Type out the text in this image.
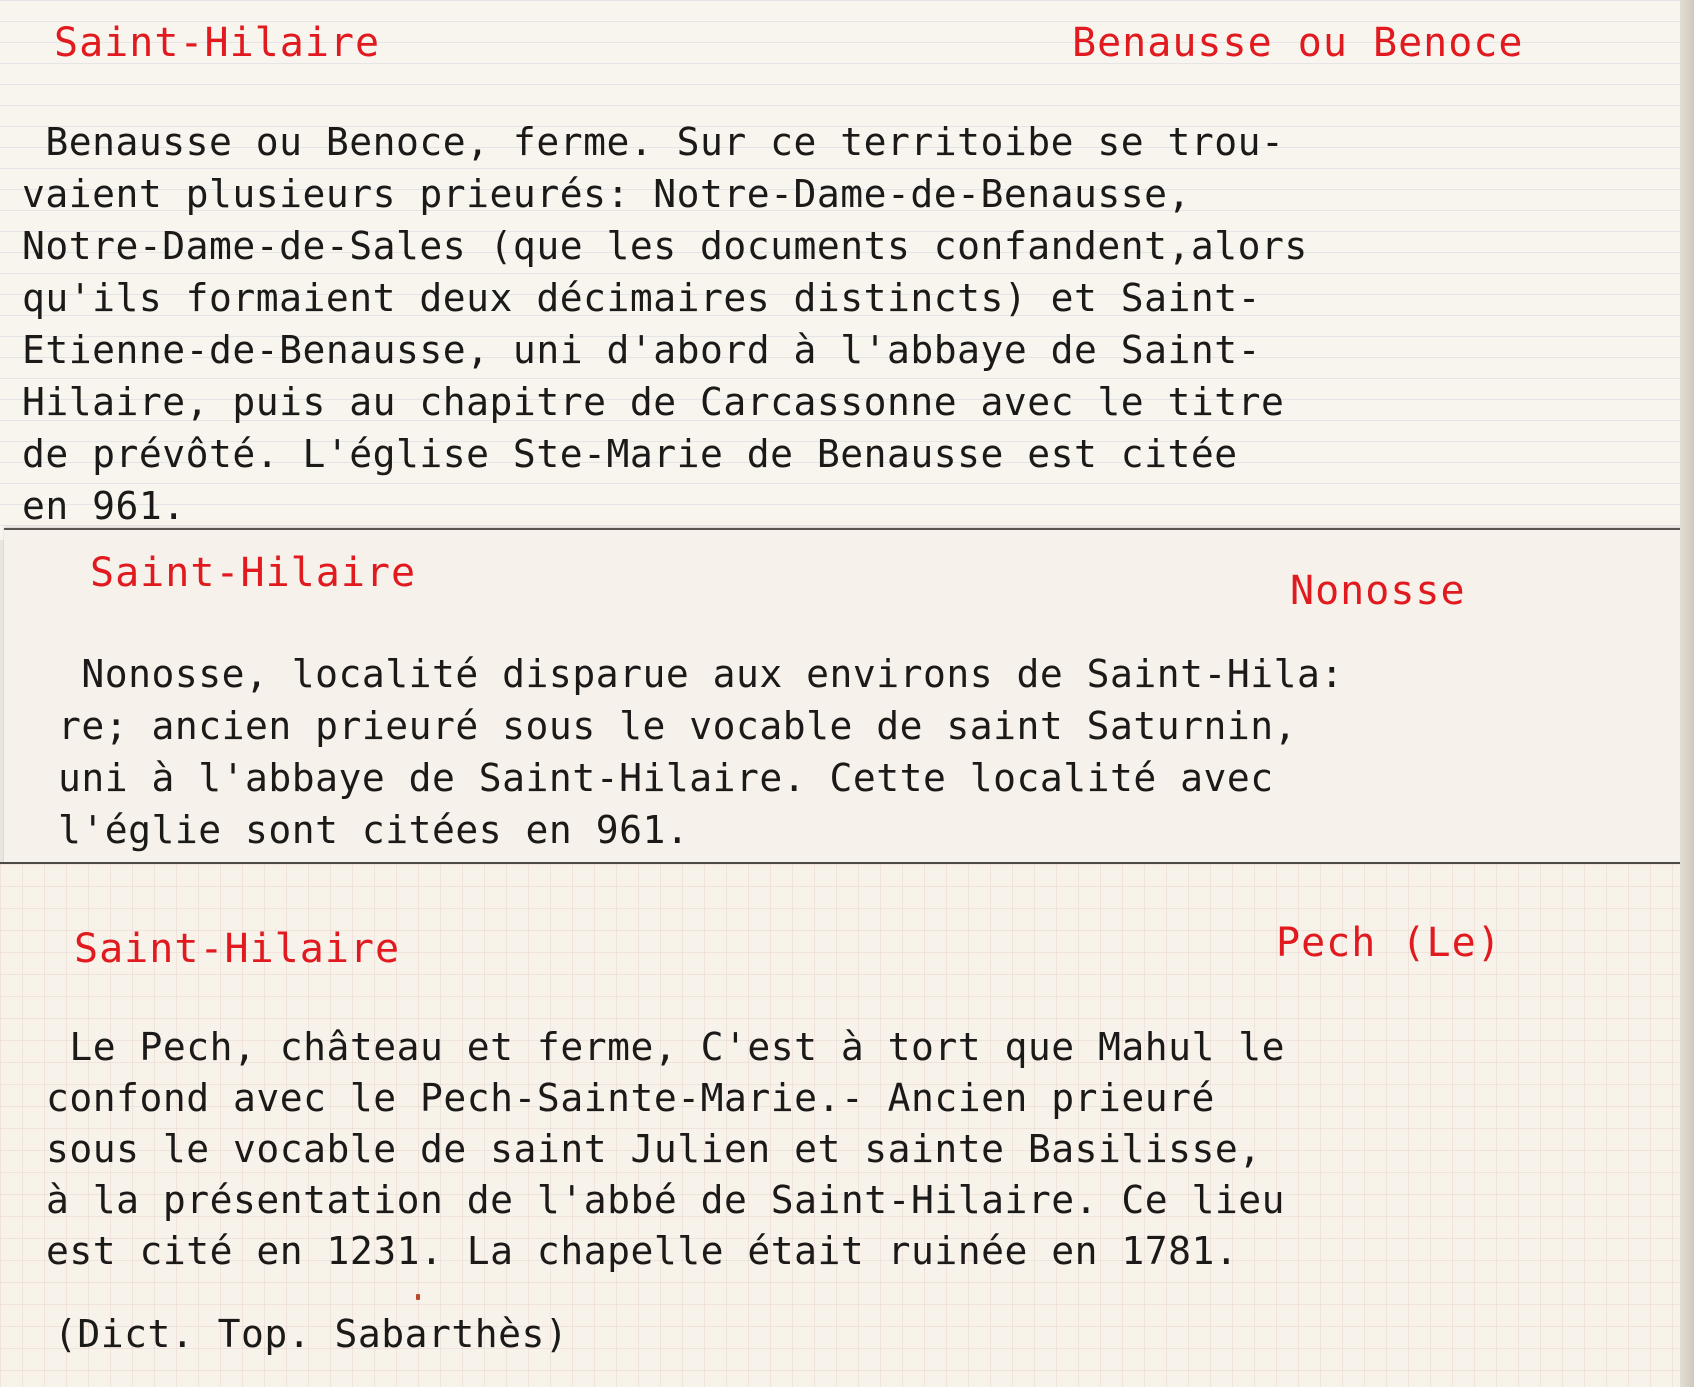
Saint-Hilaire	Benausse ou Benoce
Benausse ou Benoce, ferme. Sur ce territoibe se trou-
vaient plusieurs prieurés: Notre-Dame-de-Benausse,
Notre-Dame-de-Sales (que les documents confandent,alors
qu'ils formaient deux décimaires distincts) et Saint-
Etienne-de-Benausse, uni d'abord à l'abbaye de Saint-
Hilaire, puis au chapitre de Carcassonne avec le titre
de prévôté. L'église Ste-Marie de Benausse est citée
en 961.
Saint-Hilaire	Nonosse
Nonosse, localité disparue aux environs de Saint-Hila:
re; ancien prieuré sous le vocable de saint Saturnin,
uni à l'abbaye de Saint-Hilaire. Cette localité avec
l'églie sont citées en 961.
Saint-Hilaire	Pech (Le)
Le Pech, château et ferme, C'est à tort que Mahul le
confond avec le Pech-Sainte-Marie.- Ancien prieuré
sous le vocable de saint Julien et sainte Basilisse,
à la présentation de l'abbé de Saint-Hilaire. Ce lieu
est cité en 1231. La chapelle était ruinée en 1781.
(Dict. Top. Sabarthès)
